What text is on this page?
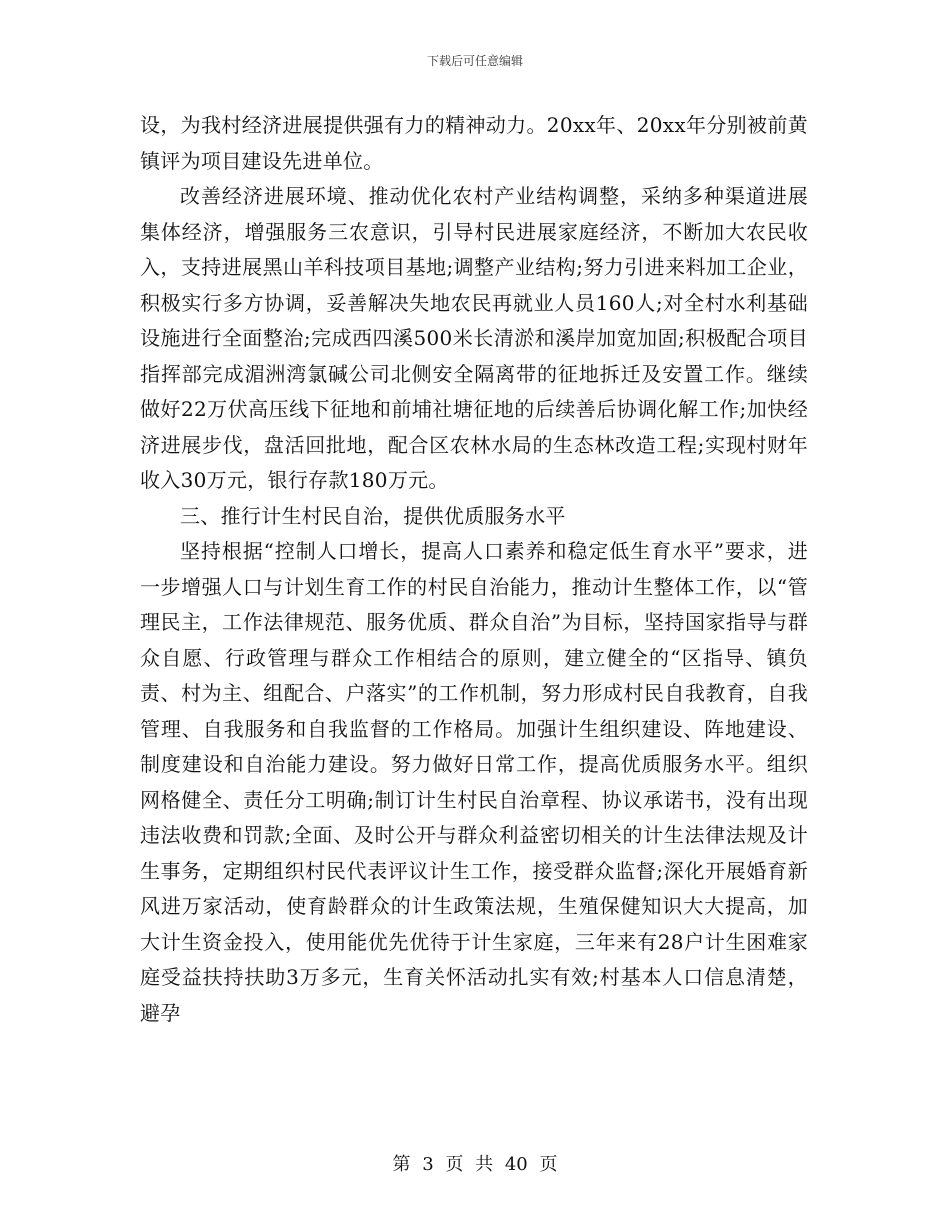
下载后可任意编辑

设，为我村经济进展提供强有力的精神动力。20xx年、20xx年分别被前黄镇评为项目建设先进单位。

改善经济进展环境、推动优化农村产业结构调整，采纳多种渠道进展集体经济，增强服务三农意识，引导村民进展家庭经济，不断加大农民收入，支持进展黑山羊科技项目基地;调整产业结构;努力引进来料加工企业，积极实行多方协调，妥善解决失地农民再就业人员160人;对全村水利基础设施进行全面整治;完成西四溪500米长清淤和溪岸加宽加固;积极配合项目指挥部完成湄洲湾氯碱公司北侧安全隔离带的征地拆迁及安置工作。继续做好22万伏高压线下征地和前埔社塘征地的后续善后协调化解工作;加快经济进展步伐，盘活回批地，配合区农林水局的生态林改造工程;实现村财年收入30万元，银行存款180万元。

三、推行计生村民自治，提供优质服务水平

坚持根据“控制人口增长，提高人口素养和稳定低生育水平”要求，进一步增强人口与计划生育工作的村民自治能力，推动计生整体工作，以“管理民主，工作法律规范、服务优质、群众自治”为目标，坚持国家指导与群众自愿、行政管理与群众工作相结合的原则，建立健全的“区指导、镇负责、村为主、组配合、户落实”的工作机制，努力形成村民自我教育，自我管理、自我服务和自我监督的工作格局。加强计生组织建设、阵地建设、制度建设和自治能力建设。努力做好日常工作，提高优质服务水平。组织网格健全、责任分工明确;制订计生村民自治章程、协议承诺书，没有出现违法收费和罚款;全面、及时公开与群众利益密切相关的计生法律法规及计生事务，定期组织村民代表评议计生工作，接受群众监督;深化开展婚育新风进万家活动，使育龄群众的计生政策法规，生殖保健知识大大提高，加大计生资金投入，使用能优先优待于计生家庭，三年来有28户计生困难家庭受益扶持扶助3万多元，生育关怀活动扎实有效;村基本人口信息清楚，避孕

第 3 页 共 40 页
